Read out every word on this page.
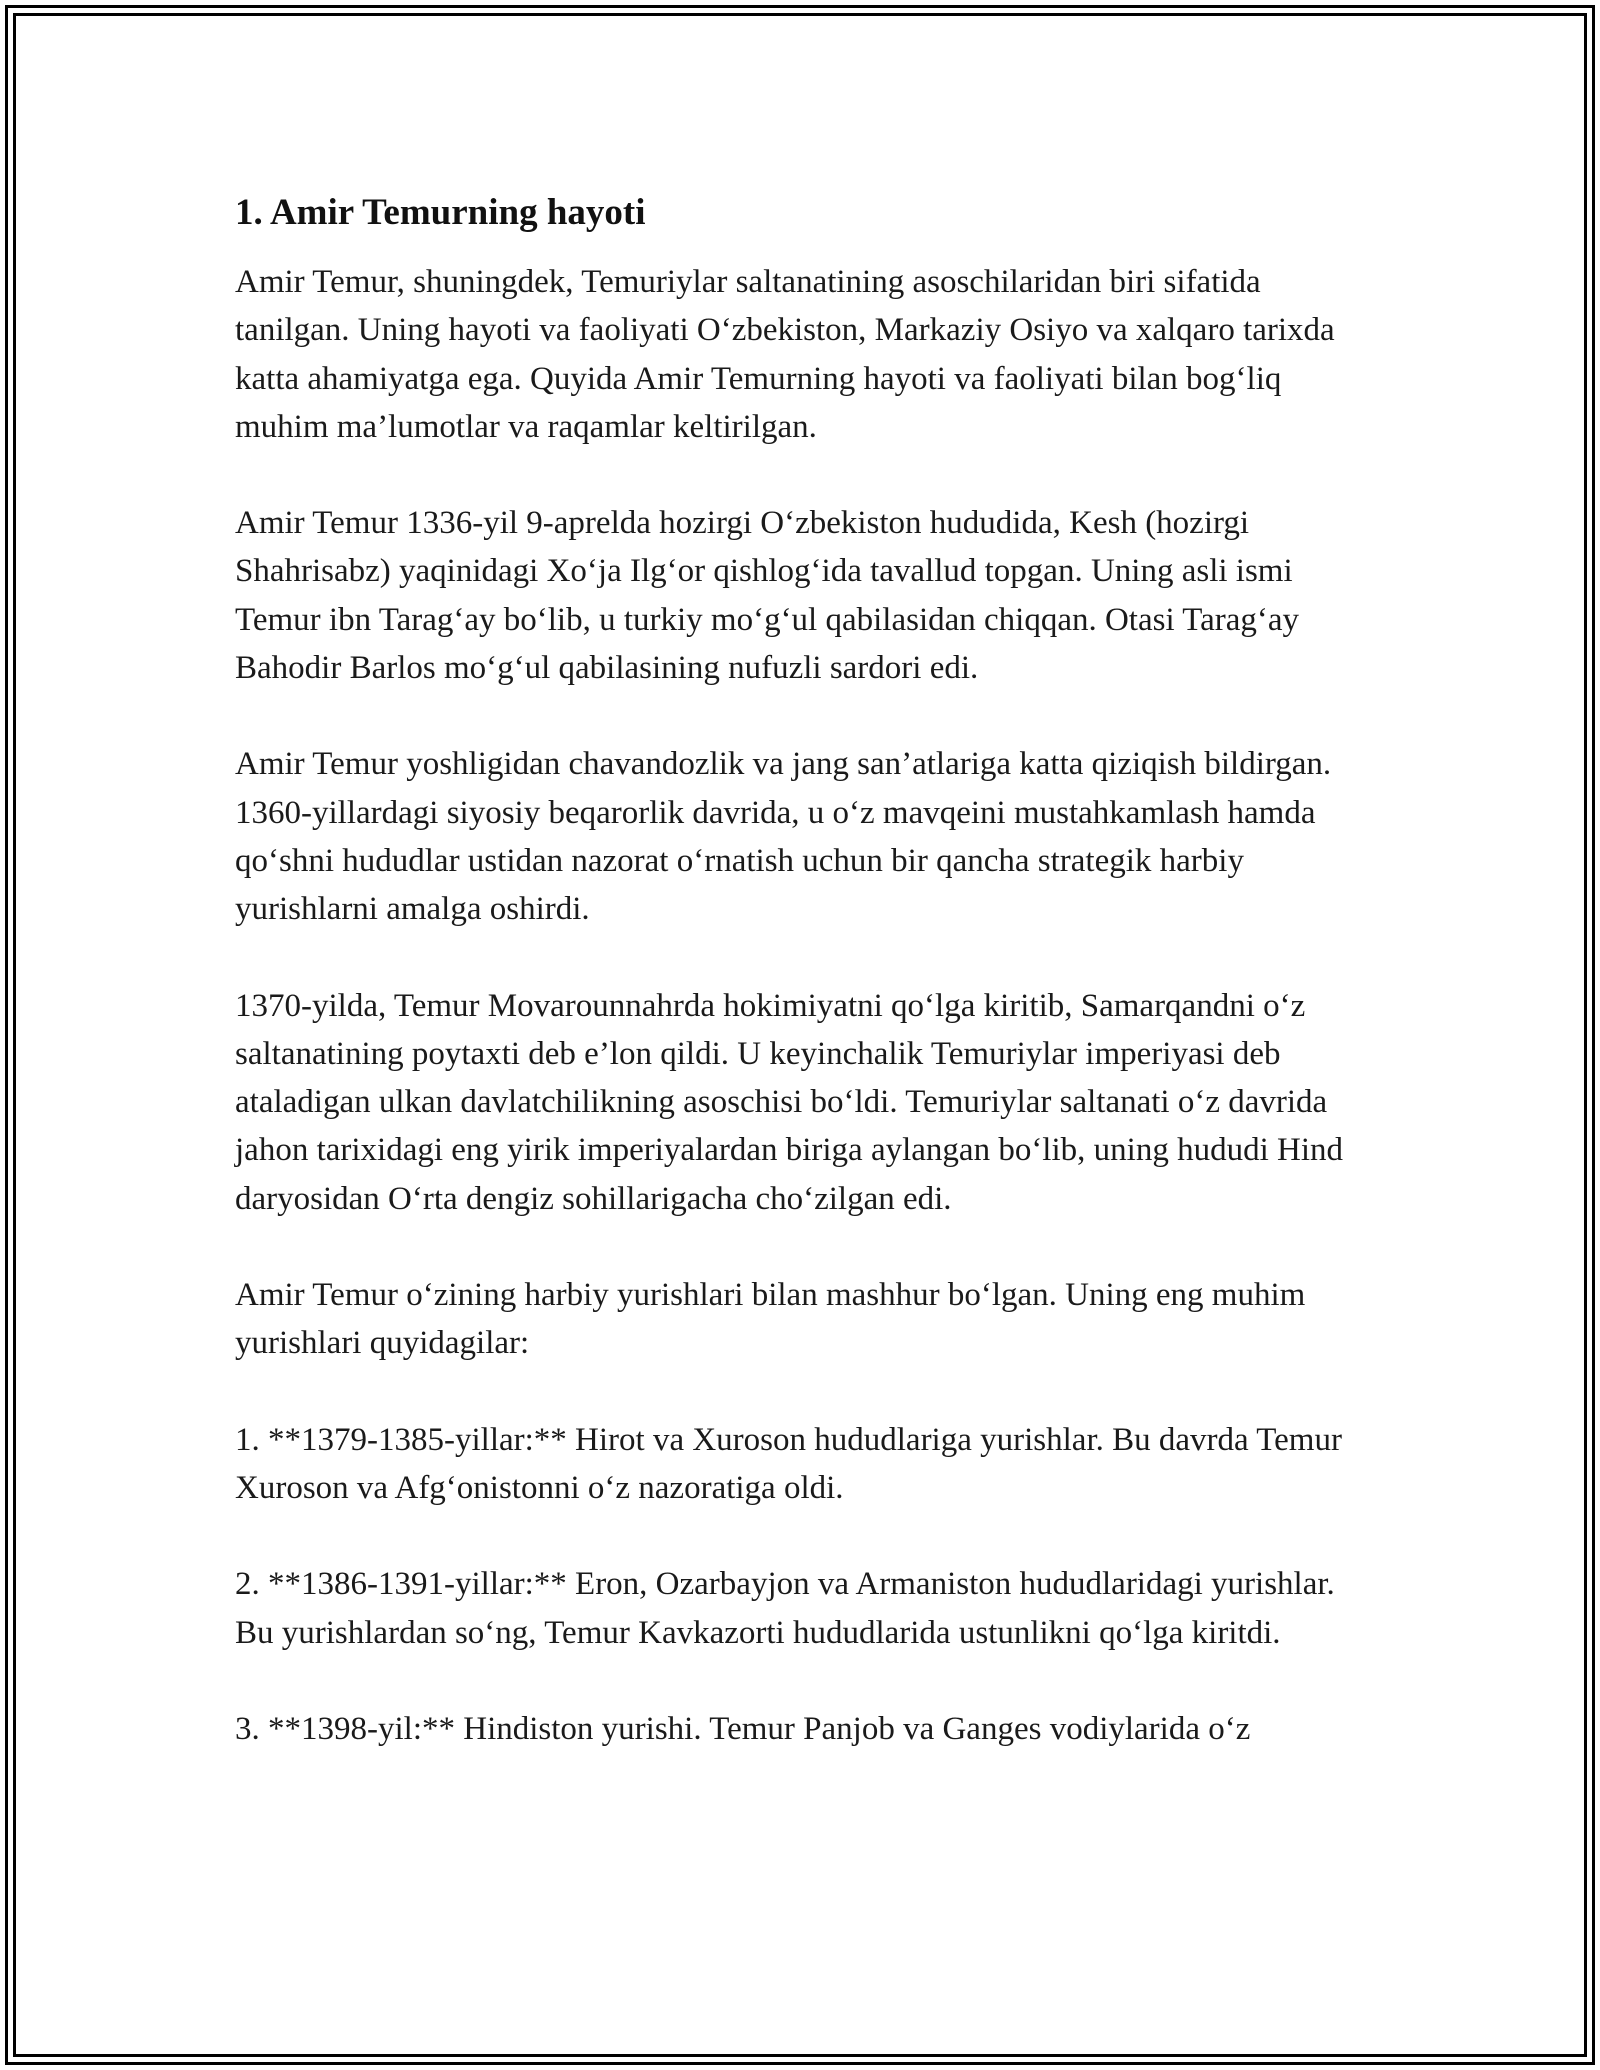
1. Amir Temurning hayoti

Amir Temur, shuningdek, Temuriylar saltanatining asoschilaridan biri sifatida tanilgan. Uning hayoti va faoliyati O‘zbekiston, Markaziy Osiyo va xalqaro tarixda katta ahamiyatga ega. Quyida Amir Temurning hayoti va faoliyati bilan bog‘liq muhim ma’lumotlar va raqamlar keltirilgan.

Amir Temur 1336-yil 9-aprelda hozirgi O‘zbekiston hududida, Kesh (hozirgi Shahrisabz) yaqinidagi Xo‘ja Ilg‘or qishlog‘ida tavallud topgan. Uning asli ismi Temur ibn Tarag‘ay bo‘lib, u turkiy mo‘g‘ul qabilasidan chiqqan. Otasi Tarag‘ay Bahodir Barlos mo‘g‘ul qabilasining nufuzli sardori edi.

Amir Temur yoshligidan chavandozlik va jang san’atlariga katta qiziqish bildirgan. 1360-yillardagi siyosiy beqarorlik davrida, u o‘z mavqeini mustahkamlash hamda qo‘shni hududlar ustidan nazorat o‘rnatish uchun bir qancha strategik harbiy yurishlarni amalga oshirdi.

1370-yilda, Temur Movarounnahrda hokimiyatni qo‘lga kiritib, Samarqandni o‘z saltanatining poytaxti deb e’lon qildi. U keyinchalik Temuriylar imperiyasi deb ataladigan ulkan davlatchilikning asoschisi bo‘ldi. Temuriylar saltanati o‘z davrida jahon tarixidagi eng yirik imperiyalardan biriga aylangan bo‘lib, uning hududi Hind daryosidan O‘rta dengiz sohillarigacha cho‘zilgan edi.

Amir Temur o‘zining harbiy yurishlari bilan mashhur bo‘lgan. Uning eng muhim yurishlari quyidagilar:

1. **1379-1385-yillar:** Hirot va Xuroson hududlariga yurishlar. Bu davrda Temur Xuroson va Afg‘onistonni o‘z nazoratiga oldi.

2. **1386-1391-yillar:** Eron, Ozarbayjon va Armaniston hududlaridagi yurishlar. Bu yurishlardan so‘ng, Temur Kavkazorti hududlarida ustunlikni qo‘lga kiritdi.

3. **1398-yil:** Hindiston yurishi. Temur Panjob va Ganges vodiylarida o‘z
